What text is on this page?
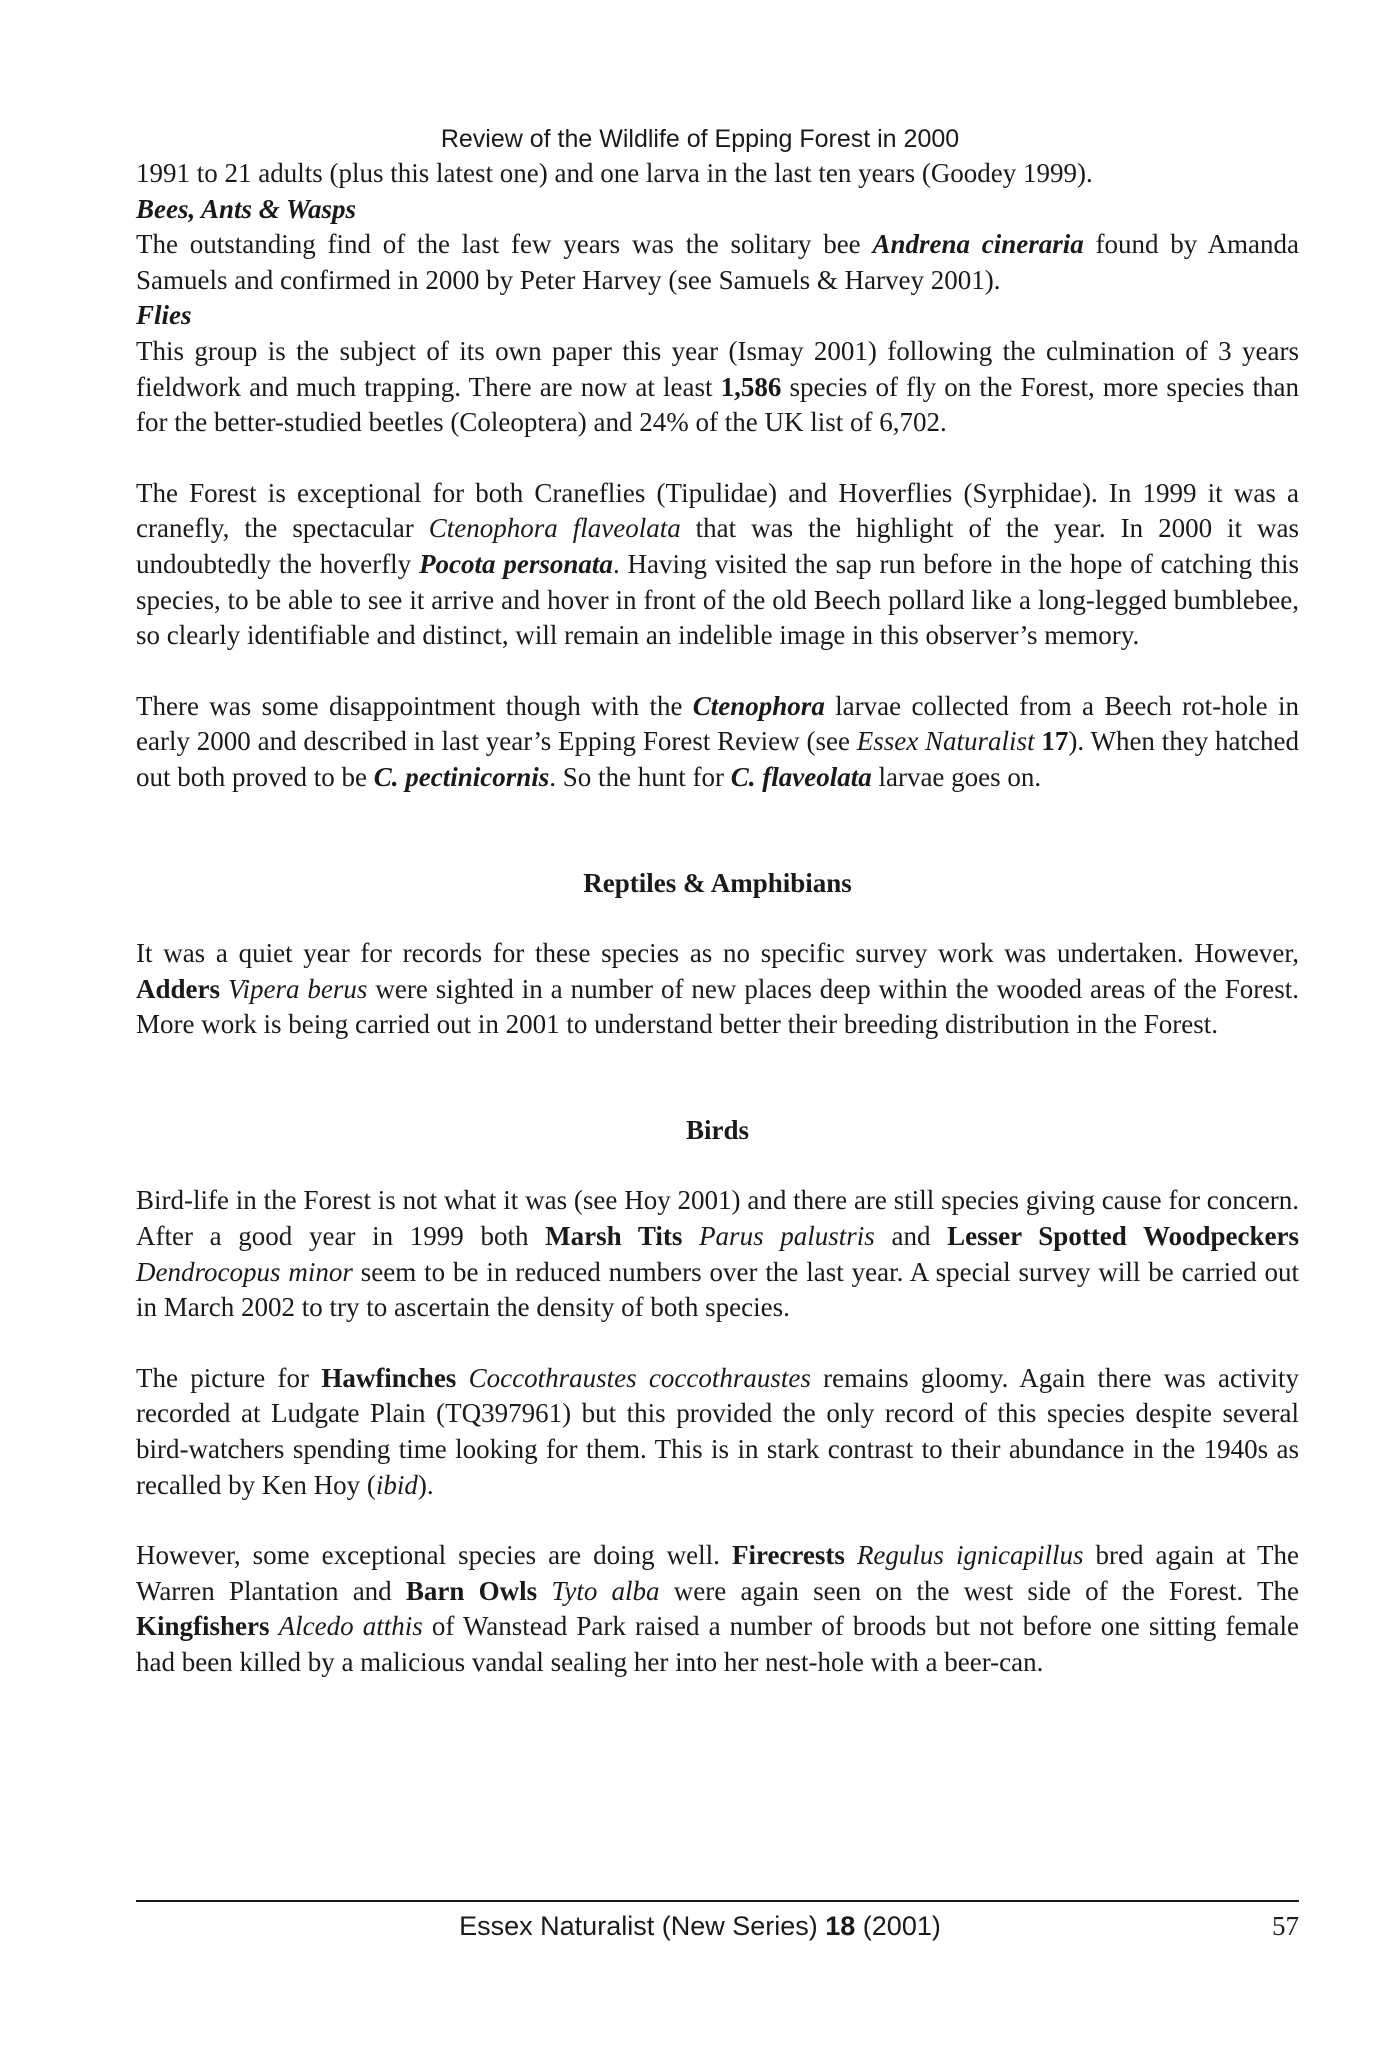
Review of the Wildlife of Epping Forest in 2000

1991 to 21 adults (plus this latest one) and one larva in the last ten years (Goodey 1999).

Bees, Ants & Wasps

The outstanding find of the last few years was the solitary bee Andrena cineraria found by Amanda Samuels and confirmed in 2000 by Peter Harvey (see Samuels & Harvey 2001).

Flies

This group is the subject of its own paper this year (Ismay 2001) following the culmination of 3 years fieldwork and much trapping. There are now at least 1,586 species of fly on the Forest, more species than for the better-studied beetles (Coleoptera) and 24% of the UK list of 6,702.

The Forest is exceptional for both Craneflies (Tipulidae) and Hoverflies (Syrphidae). In 1999 it was a cranefly, the spectacular Ctenophora flaveolata that was the highlight of the year. In 2000 it was undoubtedly the hoverfly Pocota personata. Having visited the sap run before in the hope of catching this species, to be able to see it arrive and hover in front of the old Beech pollard like a long-legged bumblebee, so clearly identifiable and distinct, will remain an indelible image in this observer’s memory.

There was some disappointment though with the Ctenophora larvae collected from a Beech rot-hole in early 2000 and described in last year’s Epping Forest Review (see Essex Naturalist 17). When they hatched out both proved to be C. pectinicornis. So the hunt for C. flaveolata larvae goes on.

Reptiles & Amphibians

It was a quiet year for records for these species as no specific survey work was undertaken. However, Adders Vipera berus were sighted in a number of new places deep within the wooded areas of the Forest. More work is being carried out in 2001 to understand better their breeding distribution in the Forest.

Birds

Bird-life in the Forest is not what it was (see Hoy 2001) and there are still species giving cause for concern. After a good year in 1999 both Marsh Tits Parus palustris and Lesser Spotted Woodpeckers Dendrocopus minor seem to be in reduced numbers over the last year. A special survey will be carried out in March 2002 to try to ascertain the density of both species.

The picture for Hawfinches Coccothraustes coccothraustes remains gloomy. Again there was activity recorded at Ludgate Plain (TQ397961) but this provided the only record of this species despite several bird-watchers spending time looking for them. This is in stark contrast to their abundance in the 1940s as recalled by Ken Hoy (ibid).

However, some exceptional species are doing well. Firecrests Regulus ignicapillus bred again at The Warren Plantation and Barn Owls Tyto alba were again seen on the west side of the Forest. The Kingfishers Alcedo atthis of Wanstead Park raised a number of broods but not before one sitting female had been killed by a malicious vandal sealing her into her nest-hole with a beer-can.

Essex Naturalist (New Series) 18 (2001)	57
